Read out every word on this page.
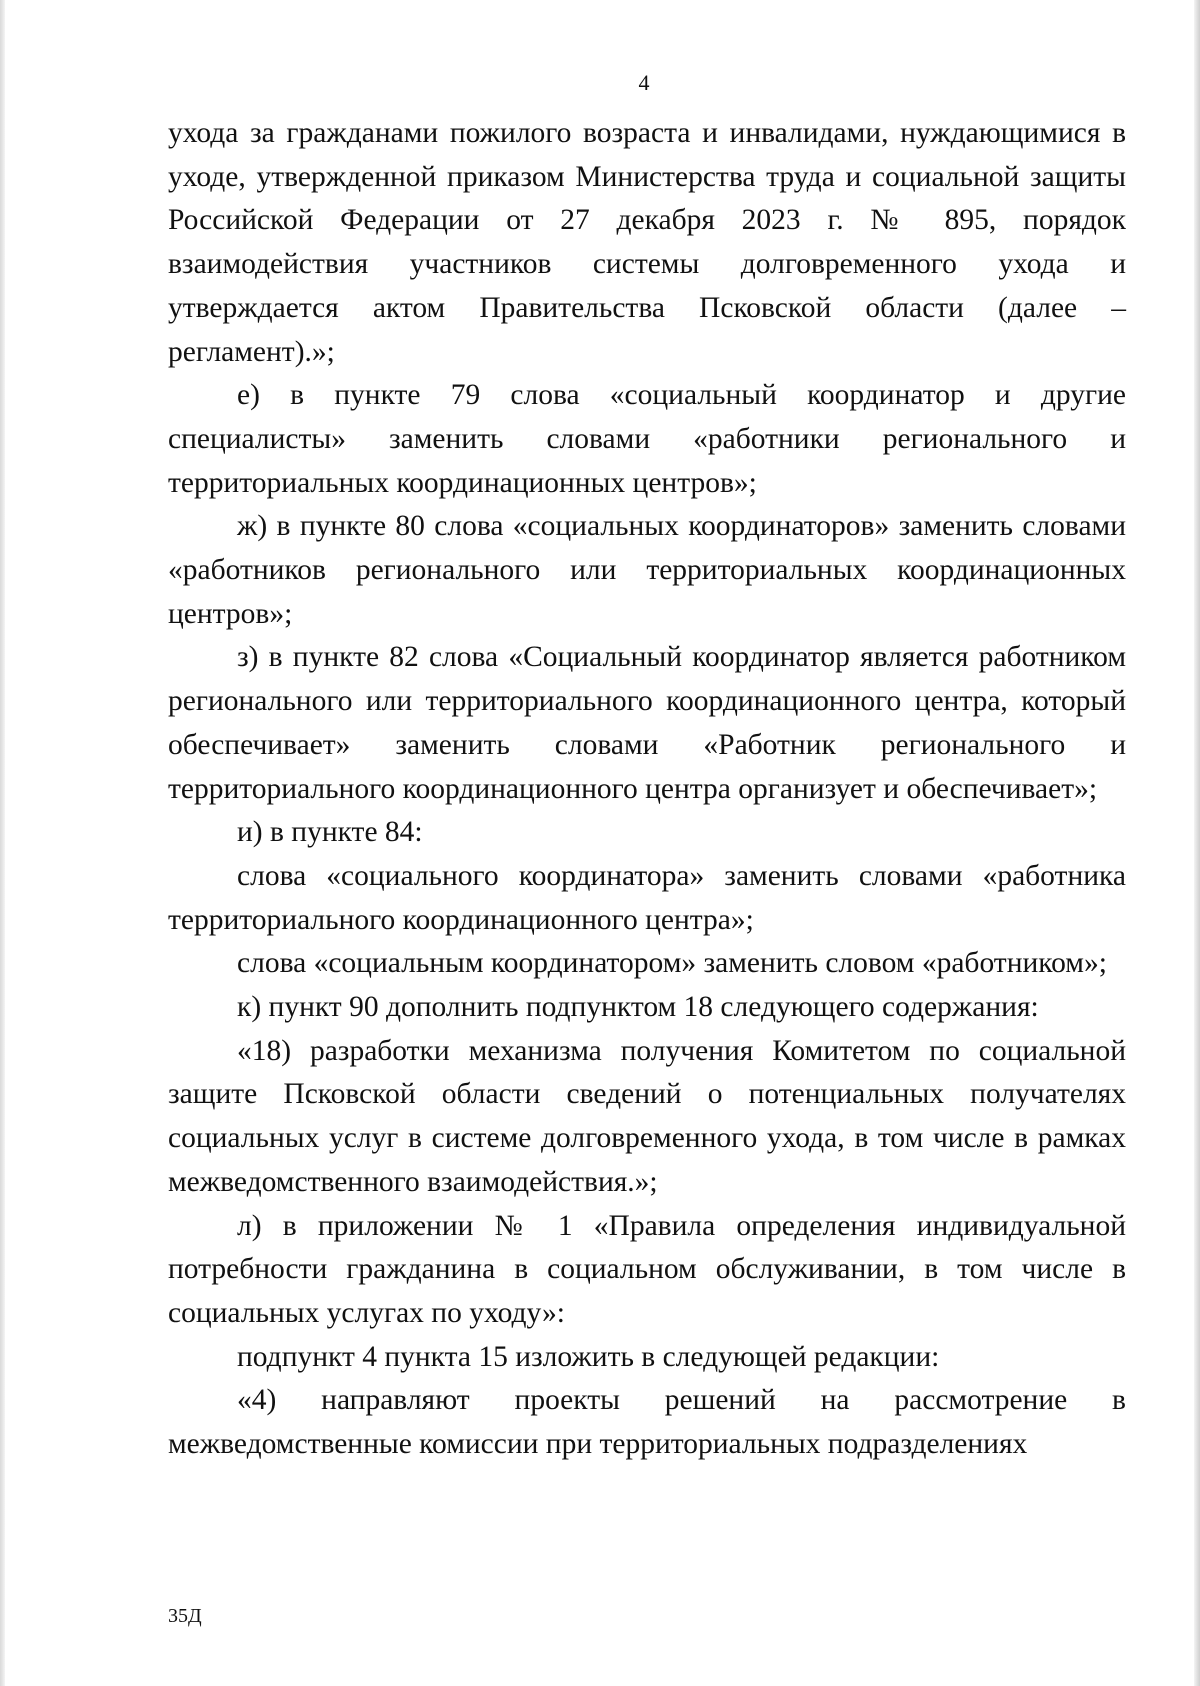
4

ухода за гражданами пожилого возраста и инвалидами, нуждающимися в уходе, утвержденной приказом Министерства труда и социальной защиты Российской Федерации от 27 декабря 2023 г. № 895, порядок взаимодействия участников системы долговременного ухода и утверждается актом Правительства Псковской области (далее – регламент).»;

е) в пункте 79 слова «социальный координатор и другие специалисты» заменить словами «работники регионального и территориальных координационных центров»;

ж) в пункте 80 слова «социальных координаторов» заменить словами «работников регионального или территориальных координационных центров»;

з) в пункте 82 слова «Социальный координатор является работником регионального или территориального координационного центра, который обеспечивает» заменить словами «Работник регионального и территориального координационного центра организует и обеспечивает»;

и) в пункте 84:

слова «социального координатора» заменить словами «работника территориального координационного центра»;

слова «социальным координатором» заменить словом «работником»;

к) пункт 90 дополнить подпунктом 18 следующего содержания:

«18) разработки механизма получения Комитетом по социальной защите Псковской области сведений о потенциальных получателях социальных услуг в системе долговременного ухода, в том числе в рамках межведомственного взаимодействия.»;

л) в приложении № 1 «Правила определения индивидуальной потребности гражданина в социальном обслуживании, в том числе в социальных услугах по уходу»:

подпункт 4 пункта 15 изложить в следующей редакции:

«4) направляют проекты решений на рассмотрение в межведомственные комиссии при территориальных подразделениях

35Д
